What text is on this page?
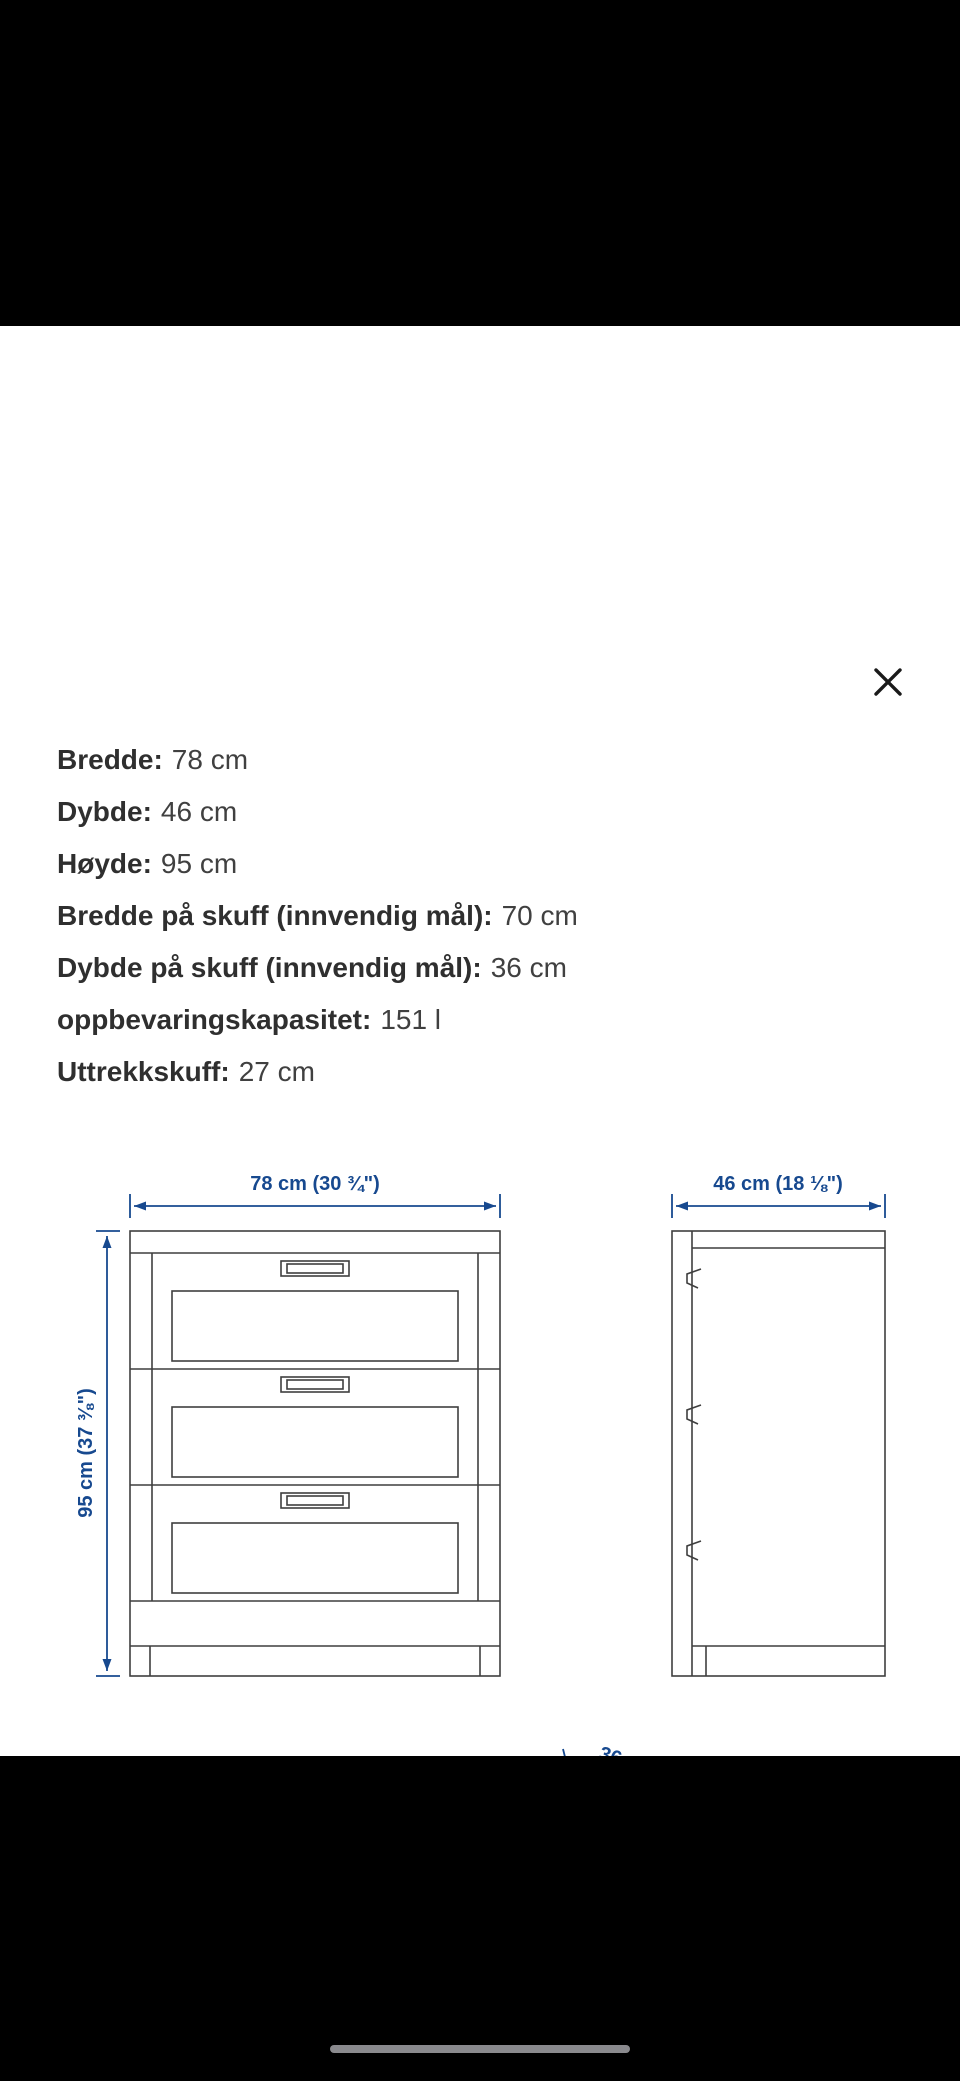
Bredde: 78 cm
Dybde: 46 cm
Høyde: 95 cm
Bredde på skuff (innvendig mål): 70 cm
Dybde på skuff (innvendig mål): 36 cm
oppbevaringskapasitet: 151 l
Uttrekkskuff: 27 cm
78 cm (30 ¾")
95 cm (37 ⅜")
46 cm (18 ⅛")
